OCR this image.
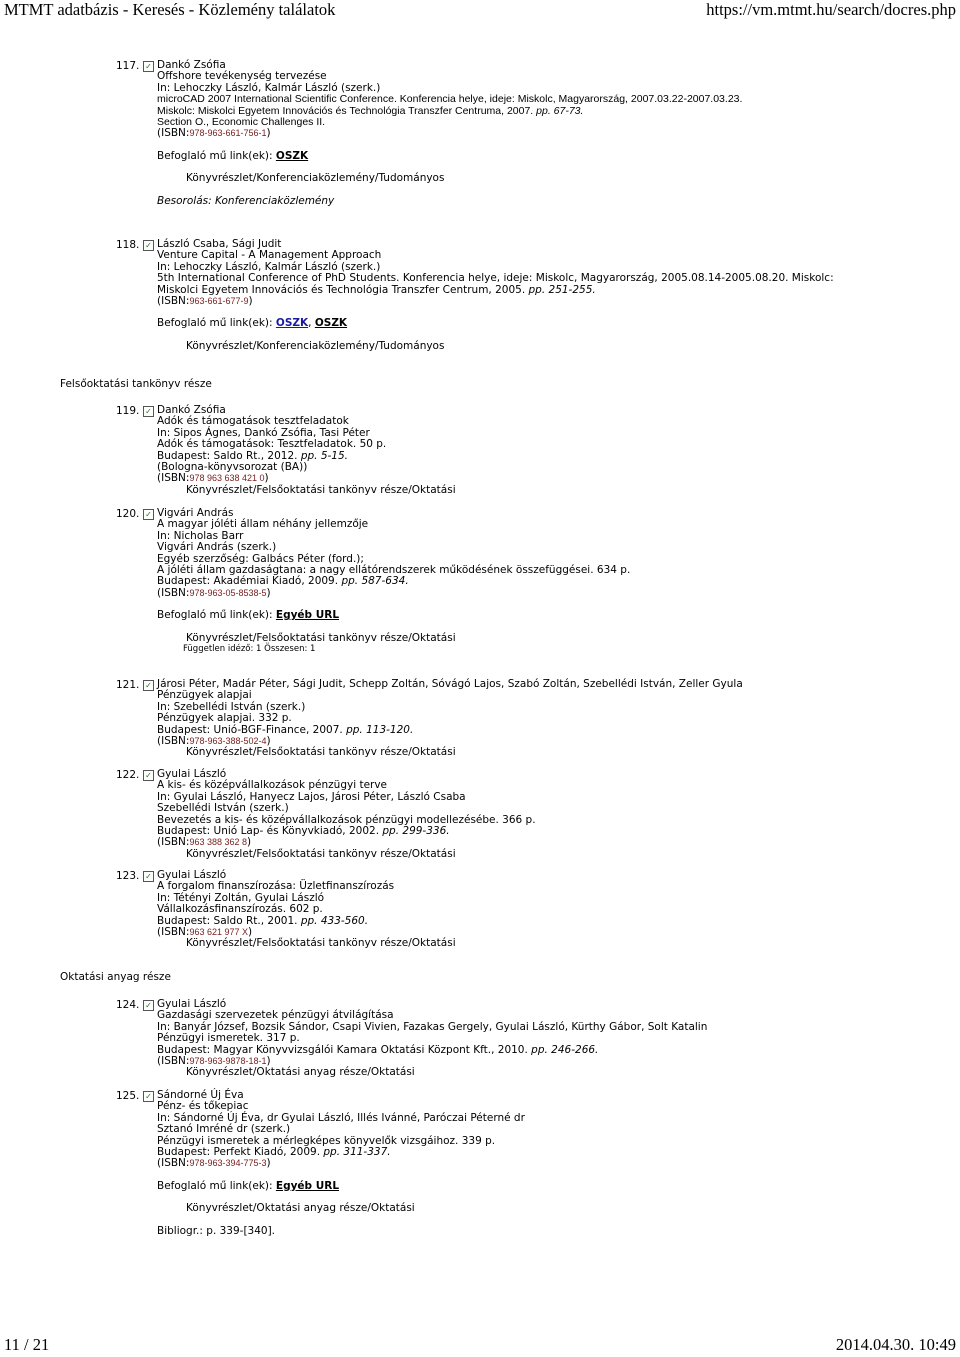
MTMT adatbázis - Keresés - Közlemény találatok	https://vm.mtmt.hu/search/docres.php
117. ✓ Dankó Zsófia
Offshore tevékenység tervezése
In: Lehoczky László, Kalmár László (szerk.)
microCAD 2007 International Scientific Conference. Konferencia helye, ideje: Miskolc, Magyarország, 2007.03.22-2007.03.23.
Miskolc: Miskolci Egyetem Innovációs és Technológia Transzfer Centruma, 2007. pp. 67-73.
Section O., Economic Challenges II.
(ISBN:978-963-661-756-1)
Befoglaló mű link(ek): OSZK
Könyvrészlet/Konferenciaközlemény/Tudományos
Besorolás: Konferenciaközlemény
118. ✓ László Csaba, Sági Judit
Venture Capital - A Management Approach
In: Lehoczky László, Kalmár László (szerk.)
5th International Conference of PhD Students. Konferencia helye, ideje: Miskolc, Magyarország, 2005.08.14-2005.08.20. Miskolc:
Miskolci Egyetem Innovációs és Technológia Transzfer Centrum, 2005. pp. 251-255.
(ISBN:963-661-677-9)
Befoglaló mű link(ek): OSZK, OSZK
Könyvrészlet/Konferenciaközlemény/Tudományos
Felsőoktatási tankönyv része
119. ✓ Dankó Zsófia
Adók és támogatások tesztfeladatok
In: Sipos Ágnes, Dankó Zsófia, Tasi Péter
Adók és támogatások: Tesztfeladatok. 50 p.
Budapest: Saldo Rt., 2012. pp. 5-15.
(Bologna-könyvsorozat (BA))
(ISBN:978 963 638 421 0)
Könyvrészlet/Felsőoktatási tankönyv része/Oktatási
120. ✓ Vigvári András
A magyar jóléti állam néhány jellemzője
In: Nicholas Barr
Vigvári András (szerk.)
Egyéb szerzőség: Galbács Péter (ford.);
A jóléti állam gazdaságtana: a nagy ellátórendszerek működésének összefüggései. 634 p.
Budapest: Akadémiai Kiadó, 2009. pp. 587-634.
(ISBN:978-963-05-8538-5)
Befoglaló mű link(ek): Egyéb URL
Könyvrészlet/Felsőoktatási tankönyv része/Oktatási
Független idéző: 1 Összesen: 1
121. ✓ Járosi Péter, Madár Péter, Sági Judit, Schepp Zoltán, Sóvágó Lajos, Szabó Zoltán, Szebellédi István, Zeller Gyula
Pénzügyek alapjai
In: Szebellédi István (szerk.)
Pénzügyek alapjai. 332 p.
Budapest: Unió-BGF-Finance, 2007. pp. 113-120.
(ISBN:978-963-388-502-4)
Könyvrészlet/Felsőoktatási tankönyv része/Oktatási
122. ✓ Gyulai László
A kis- és középvállalkozások pénzügyi terve
In: Gyulai László, Hanyecz Lajos, Járosi Péter, László Csaba
Szebellédi István (szerk.)
Bevezetés a kis- és középvállalkozások pénzügyi modellezésébe. 366 p.
Budapest: Unió Lap- és Könyvkiadó, 2002. pp. 299-336.
(ISBN:963 388 362 8)
Könyvrészlet/Felsőoktatási tankönyv része/Oktatási
123. ✓ Gyulai László
A forgalom finanszírozása: Üzletfinanszírozás
In: Tétényi Zoltán, Gyulai László
Vállalkozásfinanszírozás. 602 p.
Budapest: Saldo Rt., 2001. pp. 433-560.
(ISBN:963 621 977 X)
Könyvrészlet/Felsőoktatási tankönyv része/Oktatási
Oktatási anyag része
124. ✓ Gyulai László
Gazdasági szervezetek pénzügyi átvilágítása
In: Banyár József, Bozsik Sándor, Csapi Vivien, Fazakas Gergely, Gyulai László, Kürthy Gábor, Solt Katalin
Pénzügyi ismeretek. 317 p.
Budapest: Magyar Könyvvizsgálói Kamara Oktatási Központ Kft., 2010. pp. 246-266.
(ISBN:978-963-9878-18-1)
Könyvrészlet/Oktatási anyag része/Oktatási
125. ✓ Sándorné Új Éva
Pénz- és tőkepiac
In: Sándorné Új Éva, dr Gyulai László, Illés Ivánné, Paróczai Péterné dr
Sztanó Imréné dr (szerk.)
Pénzügyi ismeretek a mérlegképes könyvelők vizsgáihoz. 339 p.
Budapest: Perfekt Kiadó, 2009. pp. 311-337.
(ISBN:978-963-394-775-3)
Befoglaló mű link(ek): Egyéb URL
Könyvrészlet/Oktatási anyag része/Oktatási
Bibliogr.: p. 339-[340].
11 / 21	2014.04.30. 10:49
